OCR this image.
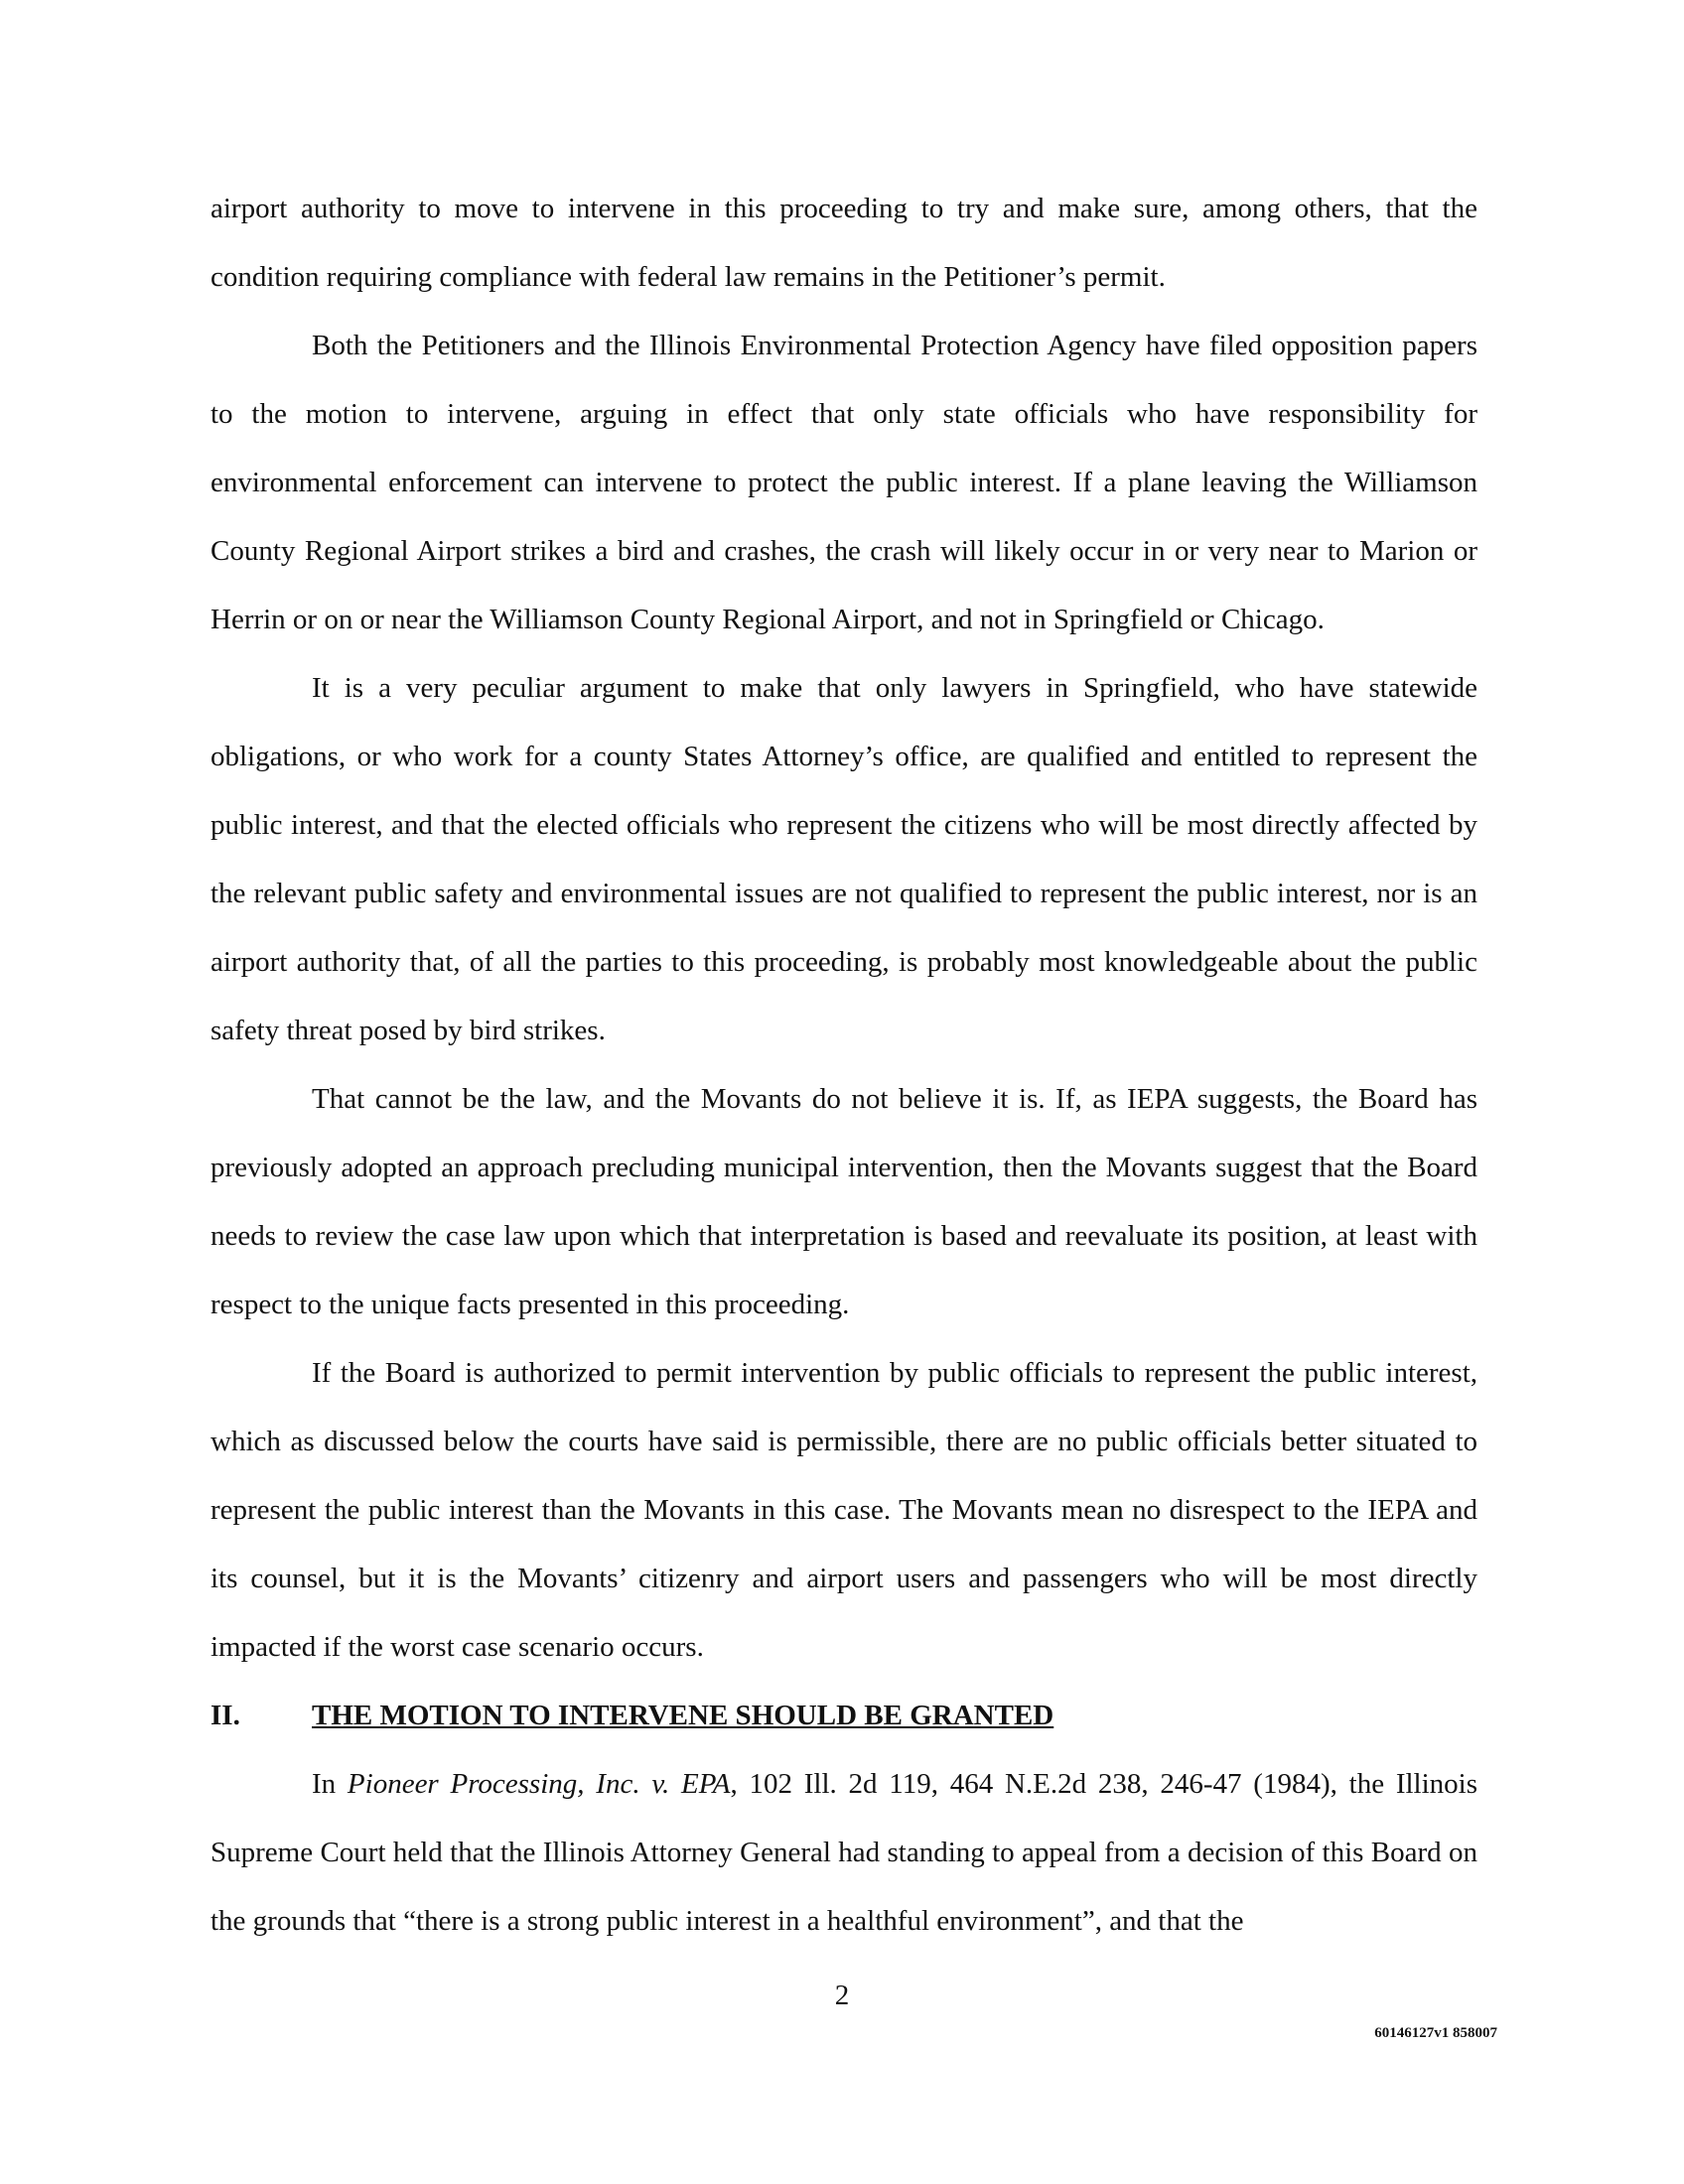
airport authority to move to intervene in this proceeding to try and make sure, among others, that the condition requiring compliance with federal law remains in the Petitioner’s permit.

Both the Petitioners and the Illinois Environmental Protection Agency have filed opposition papers to the motion to intervene, arguing in effect that only state officials who have responsibility for environmental enforcement can intervene to protect the public interest. If a plane leaving the Williamson County Regional Airport strikes a bird and crashes, the crash will likely occur in or very near to Marion or Herrin or on or near the Williamson County Regional Airport, and not in Springfield or Chicago.

It is a very peculiar argument to make that only lawyers in Springfield, who have statewide obligations, or who work for a county States Attorney’s office, are qualified and entitled to represent the public interest, and that the elected officials who represent the citizens who will be most directly affected by the relevant public safety and environmental issues are not qualified to represent the public interest, nor is an airport authority that, of all the parties to this proceeding, is probably most knowledgeable about the public safety threat posed by bird strikes.

That cannot be the law, and the Movants do not believe it is. If, as IEPA suggests, the Board has previously adopted an approach precluding municipal intervention, then the Movants suggest that the Board needs to review the case law upon which that interpretation is based and reevaluate its position, at least with respect to the unique facts presented in this proceeding.

If the Board is authorized to permit intervention by public officials to represent the public interest, which as discussed below the courts have said is permissible, there are no public officials better situated to represent the public interest than the Movants in this case. The Movants mean no disrespect to the IEPA and its counsel, but it is the Movants’ citizenry and airport users and passengers who will be most directly impacted if the worst case scenario occurs.

II.	THE MOTION TO INTERVENE SHOULD BE GRANTED

In Pioneer Processing, Inc. v. EPA, 102 Ill. 2d 119, 464 N.E.2d 238, 246-47 (1984), the Illinois Supreme Court held that the Illinois Attorney General had standing to appeal from a decision of this Board on the grounds that “there is a strong public interest in a healthful environment”, and that the

2
60146127v1 858007
